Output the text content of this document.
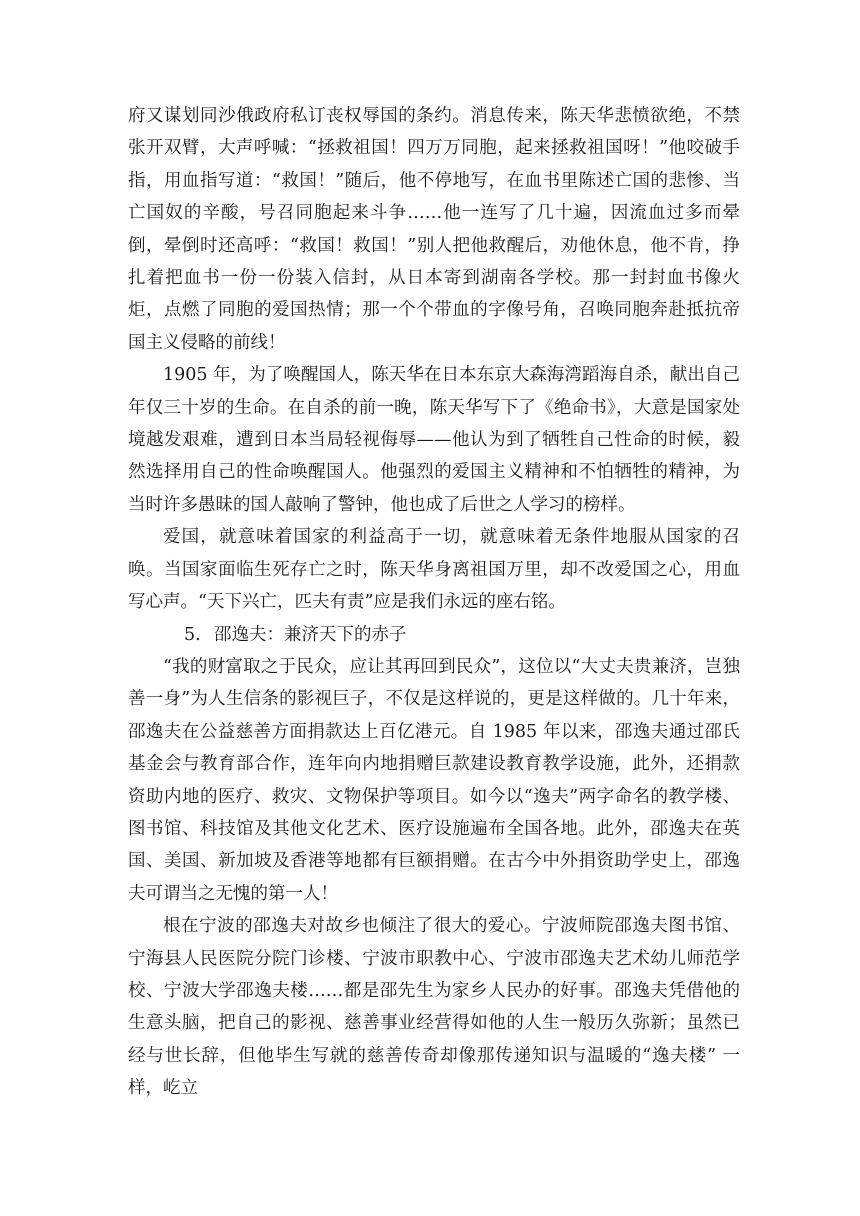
府又谋划同沙俄政府私订丧权辱国的条约。消息传来，陈天华悲愤欲绝，不禁张开双臂，大声呼喊：“拯救祖国！四万万同胞，起来拯救祖国呀！”他咬破手指，用血指写道：“救国！”随后，他不停地写，在血书里陈述亡国的悲惨、当亡国奴的辛酸，号召同胞起来斗争……他一连写了几十遍，因流血过多而晕倒，晕倒时还高呼：“救国！救国！”别人把他救醒后，劝他休息，他不肯，挣扎着把血书一份一份装入信封，从日本寄到湖南各学校。那一封封血书像火炬，点燃了同胞的爱国热情；那一个个带血的字像号角，召唤同胞奔赴抵抗帝国主义侵略的前线！

1905 年，为了唤醒国人，陈天华在日本东京大森海湾蹈海自杀，献出自己年仅三十岁的生命。在自杀的前一晚，陈天华写下了《绝命书》，大意是国家处境越发艰难，遭到日本当局轻视侮辱——他认为到了牺牲自己性命的时候，毅然选择用自己的性命唤醒国人。他强烈的爱国主义精神和不怕牺牲的精神，为当时许多愚昧的国人敲响了警钟，他也成了后世之人学习的榜样。

爱国，就意味着国家的利益高于一切，就意味着无条件地服从国家的召唤。当国家面临生死存亡之时，陈天华身离祖国万里，却不改爱国之心，用血写心声。“天下兴亡，匹夫有责”应是我们永远的座右铭。

5. 邵逸夫：兼济天下的赤子

“我的财富取之于民众，应让其再回到民众”，这位以“大丈夫贵兼济，岂独善一身”为人生信条的影视巨子，不仅是这样说的，更是这样做的。几十年来，邵逸夫在公益慈善方面捐款达上百亿港元。自 1985 年以来，邵逸夫通过邵氏基金会与教育部合作，连年向内地捐赠巨款建设教育教学设施，此外，还捐款资助内地的医疗、救灾、文物保护等项目。如今以“逸夫”两字命名的教学楼、图书馆、科技馆及其他文化艺术、医疗设施遍布全国各地。此外，邵逸夫在英国、美国、新加坡及香港等地都有巨额捐赠。在古今中外捐资助学史上，邵逸夫可谓当之无愧的第一人！

根在宁波的邵逸夫对故乡也倾注了很大的爱心。宁波师院邵逸夫图书馆、宁海县人民医院分院门诊楼、宁波市职教中心、宁波市邵逸夫艺术幼儿师范学校、宁波大学邵逸夫楼……都是邵先生为家乡人民办的好事。邵逸夫凭借他的生意头脑，把自己的影视、慈善事业经营得如他的人生一般历久弥新；虽然已经与世长辞，但他毕生写就的慈善传奇却像那传递知识与温暖的“逸夫楼” 一样，屹立
